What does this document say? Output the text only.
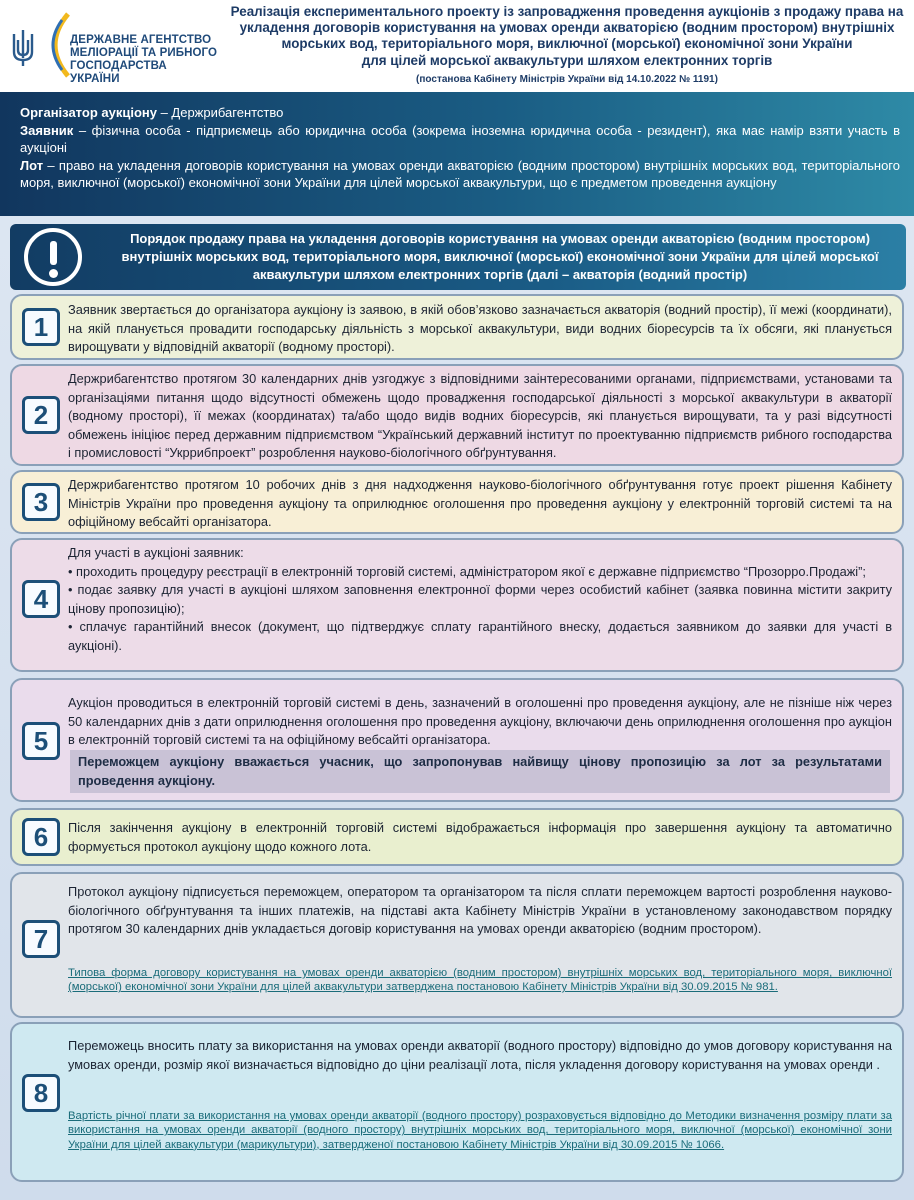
ДЕРЖАВНЕ АГЕНТСТВО
МЕЛІОРАЦІЇ ТА РИБНОГО
ГОСПОДАРСТВА УКРАЇНИ
Реалізація експериментального проекту із запровадження проведення аукціонів з продажу права на
укладення договорів користування на умовах оренди акваторією (водним простором) внутрішніх
морських вод, територіального моря, виключної (морської) економічної зони України
для цілей морської аквакультури шляхом електронних торгів
(постанова Кабінету Міністрів України від 14.10.2022 № 1191)

Організатор аукціону – Держрибагентство

Заявник – фізична особа - підприємець або юридична особа (зокрема іноземна юридична особа - резидент), яка має намір взяти участь в аукціоні

Лот – право на укладення договорів користування на умовах оренди акваторією (водним простором) внутрішніх морських вод, територіального моря, виключної (морської) економічної зони України для цілей морської аквакультури, що є предметом проведення аукціону

Порядок продажу права на укладення договорів користування на умовах оренди акваторією (водним простором)
внутрішніх морських вод, територіального моря, виключної (морської) економічної зони України для цілей морської
аквакультури шляхом електронних торгів (далі – акваторія (водний простір)
1
Заявник звертається до організатора аукціону із заявою, в якій обов’язково зазначається акваторія (водний простір), її межі (координати), на якій планується провадити господарську діяльність з морської аквакультури, види водних біоресурсів та їх обсяги, які планується вирощувати у відповідній акваторії (водному просторі).
2
Держрибагентство протягом 30 календарних днів узгоджує з відповідними заінтересованими органами, підприємствами, установами та організаціями питання щодо відсутності обмежень щодо провадження господарської діяльності з морської аквакультури в акваторії (водному просторі), її межах (координатах) та/або щодо видів водних біоресурсів, які планується вирощувати, та у разі відсутності обмежень ініціює перед державним підприємством “Український державний інститут по проектуванню підприємств рибного господарства і промисловості “Укррибпроект” розроблення науково-біологічного обґрунтування.
3
Держрибагентство протягом 10 робочих днів з дня надходження науково-біологічного обґрунтування готує проект рішення Кабінету Міністрів України про проведення аукціону та оприлюднює оголошення про проведення аукціону у електронній торговій системі та на офіційному вебсайті організатора.
4

Для участі в аукціоні заявник:

• проходить процедуру реєстрації в електронній торговій системі, адміністратором якої є державне підприємство “Прозорро.Продажі”;

• подає заявку для участі в аукціоні шляхом заповнення електронної форми через особистий кабінет (заявка повинна містити закриту цінову пропозицію);

• сплачує гарантійний внесок (документ, що підтверджує сплату гарантійного внеску, додається заявником до заявки для участі в аукціоні).

5
Аукціон проводиться в електронній торговій системі в день, зазначений в оголошенні про проведення аукціону, але не пізніше ніж через 50 календарних днів з дати оприлюднення оголошення про проведення аукціону, включаючи день оприлюднення оголошення про аукціон в електронній торговій системі та на офіційному вебсайті організатора.
Переможцем аукціону вважається учасник, що запропонував найвищу цінову пропозицію за лот за результатами проведення аукціону.
6	Після закінчення аукціону в електронній торговій системі відображається інформація про завершення аукціону та автоматично формується протокол аукціону щодо кожного лота.
7
Протокол аукціону підписується переможцем, оператором та організатором та після сплати переможцем вартості розроблення науково-біологічного обґрунтування та інших платежів, на підставі акта Кабінету Міністрів України в установленому законодавством порядку протягом 30 календарних днів укладається договір користування на умовах оренди акваторією (водним простором).
Типова форма договору користування на умовах оренди акваторією (водним простором) внутрішніх морських вод, територіального моря, виключної (морської) економічної зони України для цілей аквакультури затверджена постановою Кабінету Міністрів України від 30.09.2015 № 981.
8
Переможець вносить плату за використання на умовах оренди акваторії (водного простору) відповідно до умов договору користування на умовах оренди, розмір якої визначається відповідно до ціни реалізації лота, після укладення договору користування на умовах оренди .
Вартість річної плати за використання на умовах оренди акваторії (водного простору) розраховується відповідно до Методики визначення розміру плати за використання на умовах оренди акваторії (водного простору) внутрішніх морських вод, територіального моря, виключної (морської) економічної зони України для цілей аквакультури (марикультури), затвердженої постановою Кабінету Міністрів України від 30.09.2015 № 1066.
